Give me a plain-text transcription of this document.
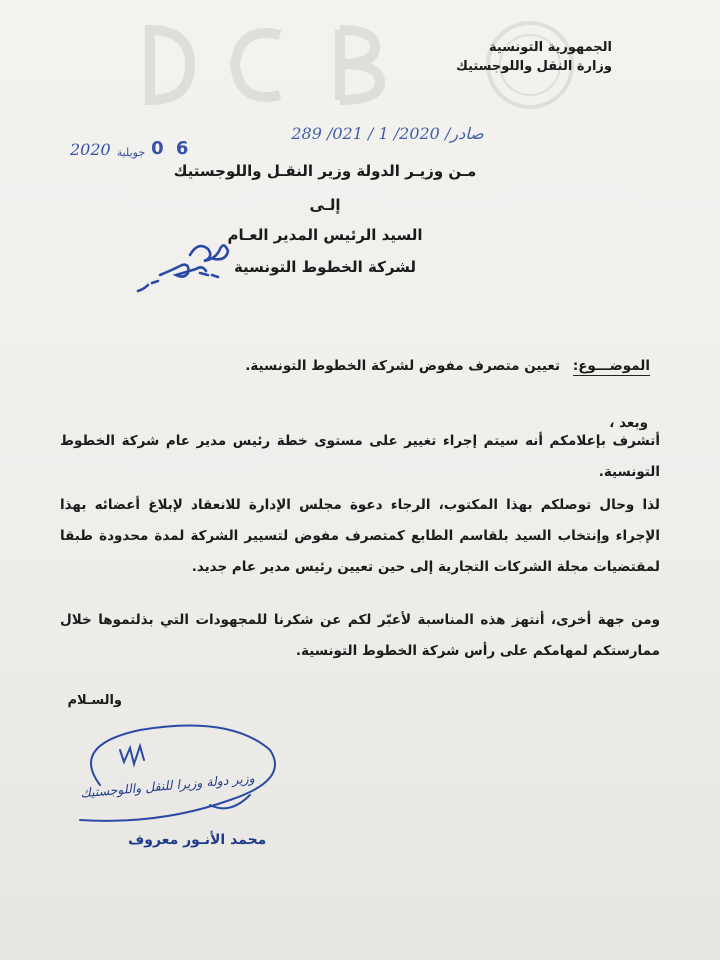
الجمهورية التونسية
وزارة النقل واللوجستيك
صادر/ 2020/ 1 / 021/ 289
2020 جويلية 0 6
مـن وزيـر الدولة وزير النقـل واللوجستيك
إلـى
السيد الرئيس المدير العـام
لشركة الخطوط التونسية
الموضـــوع: تعيين متصرف مفوض لشركة الخطوط التونسية.
وبعد ،
أتشرف بإعلامكم أنه سيتم إجراء تغيير على مستوى خطة رئيس مدير عام شركة الخطوط التونسية.
لذا وحال توصلكم بهذا المكتوب، الرجاء دعوة مجلس الإدارة للانعقاد لإبلاغ أعضائه بهذا الإجراء وإنتخاب السيد بلقاسم الطابع كمتصرف مفوض لتسيير الشركة لمدة محدودة طبقا لمقتضيات مجلة الشركات التجارية إلى حين تعيين رئيس مدير عام جديد.
ومن جهة أخرى، أنتهز هذه المناسبة لأعبّر لكم عن شكرنا للمجهودات التي بذلتموها خلال ممارستكم لمهامكم على رأس شركة الخطوط التونسية.
والسـلام
وزير دولة وزيرا للنقل واللوجستيك
محمد الأنـور معروف
